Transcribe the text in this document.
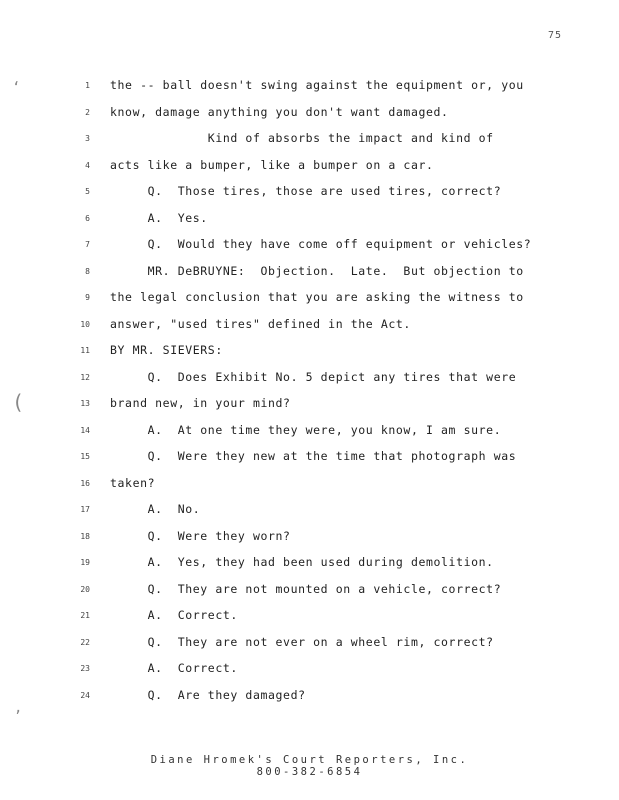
75
‘
(
‚
1 the -- ball doesn't swing against the equipment or, you
2 know, damage anything you don't want damaged.
3 Kind of absorbs the impact and kind of
4 acts like a bumper, like a bumper on a car.
5 Q.  Those tires, those are used tires, correct?
6 A.  Yes.
7 Q.  Would they have come off equipment or vehicles?
8 MR. DeBRUYNE:  Objection.  Late.  But objection to
9 the legal conclusion that you are asking the witness to
10 answer, "used tires" defined in the Act.
11 BY MR. SIEVERS:
12 Q.  Does Exhibit No. 5 depict any tires that were
13 brand new, in your mind?
14 A.  At one time they were, you know, I am sure.
15 Q.  Were they new at the time that photograph was
16 taken?
17 A.  No.
18 Q.  Were they worn?
19 A.  Yes, they had been used during demolition.
20 Q.  They are not mounted on a vehicle, correct?
21 A.  Correct.
22 Q.  They are not ever on a wheel rim, correct?
23 A.  Correct.
24 Q.  Are they damaged?
Diane Hromek's Court Reporters, Inc.
800-382-6854
